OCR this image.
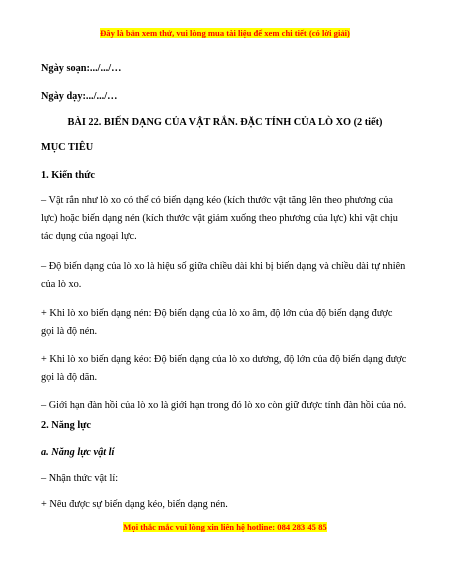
Đây là bản xem thử, vui lòng mua tài liệu để xem chi tiết (có lời giải)
Ngày soạn:.../.../…
Ngày dạy:.../.../…
BÀI 22. BIẾN DẠNG CỦA VẬT RẮN. ĐẶC TÍNH CỦA LÒ XO (2 tiết)
MỤC TIÊU
1. Kiến thức
– Vật rắn như lò xo có thể có biến dạng kéo (kích thước vật tăng lên theo phương của
lực) hoặc biến dạng nén (kích thước vật giảm xuống theo phương của lực) khi vật chịu
tác dụng của ngoại lực.
– Độ biến dạng của lò xo là hiệu số giữa chiều dài khi bị biến dạng và chiều dài tự nhiên
của lò xo.
+ Khi lò xo biến dạng nén: Độ biến dạng của lò xo âm, độ lớn của độ biến dạng được
gọi là độ nén.
+ Khi lò xo biến dạng kéo: Độ biến dạng của lò xo dương, độ lớn của độ biến dạng được
gọi là độ dãn.
– Giới hạn đàn hồi của lò xo là giới hạn trong đó lò xo còn giữ được tính đàn hồi của nó.
2. Năng lực
a. Năng lực vật lí
– Nhận thức vật lí:
+ Nêu được sự biến dạng kéo, biến dạng nén.
Mọi thắc mắc vui lòng xin liên hệ hotline: 084 283 45 85
